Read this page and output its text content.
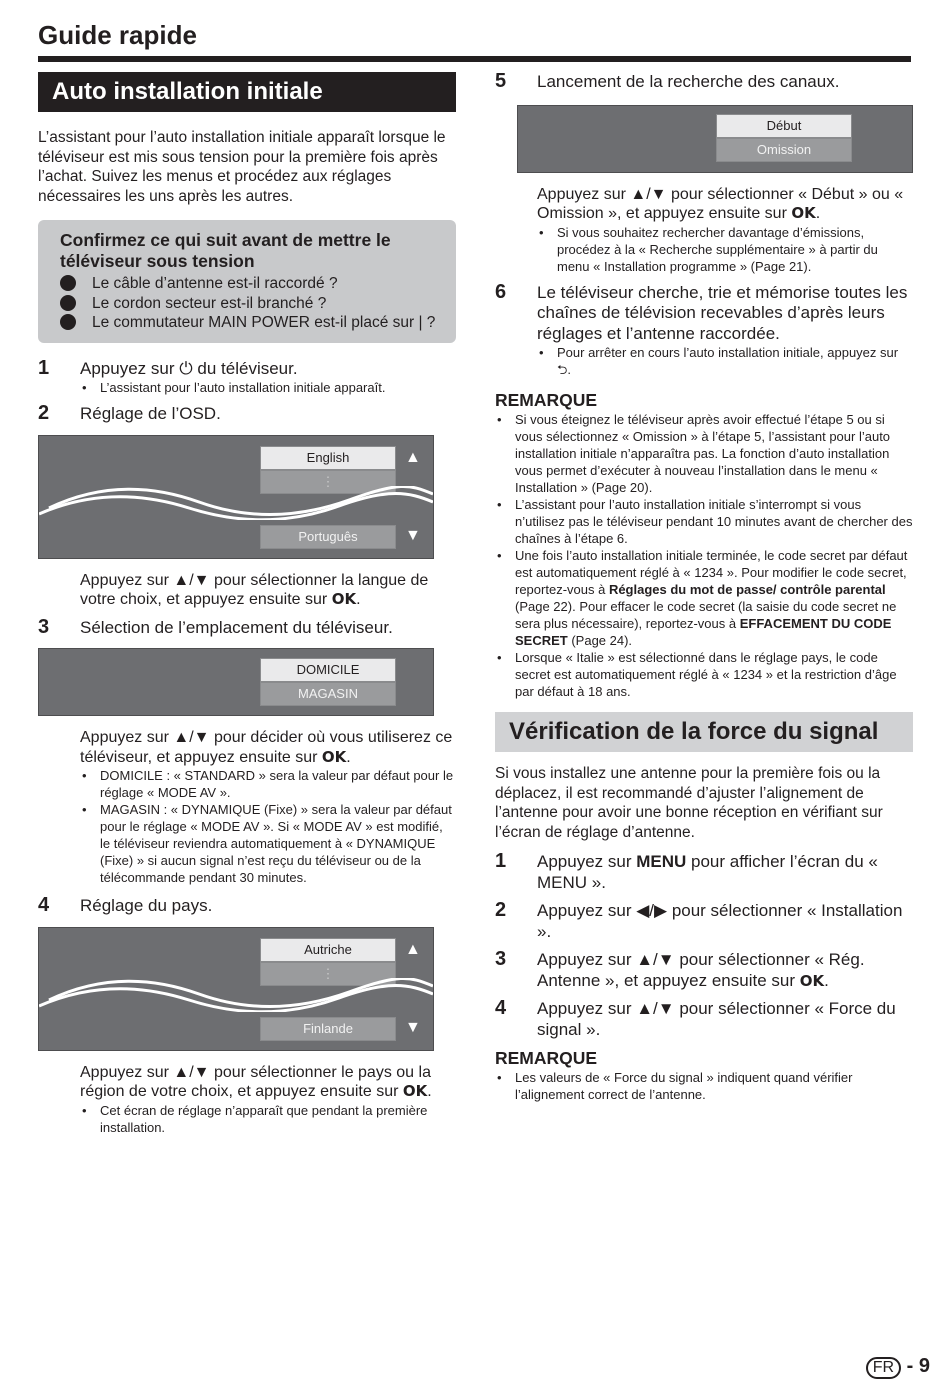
Guide rapide
Auto installation initiale

L’assistant pour l’auto installation initiale apparaît lorsque le téléviseur est mis sous tension pour la première fois après l’achat. Suivez les menus et procédez aux réglages nécessaires les uns après les autres.

Confirmez ce qui suit avant de mettre le téléviseur sous tension
Le câble d’antenne est-il raccordé ?
Le cordon secteur est-il branché ?
Le commutateur MAIN POWER est-il placé sur | ?
1 Appuyez sur ⏻ du téléviseur.
• L’assistant pour l’auto installation initiale apparaît.
2 Réglage de l’OSD.
English
⋮
▲
Português	▼
Appuyez sur ▲/▼ pour sélectionner la langue de votre choix, et appuyez ensuite sur OK.
3 Sélection de l’emplacement du téléviseur.
DOMICILE
MAGASIN
Appuyez sur ▲/▼ pour décider où vous utiliserez ce téléviseur, et appuyez ensuite sur OK.
• DOMICILE : « STANDARD » sera la valeur par défaut pour le réglage « MODE AV ».
• MAGASIN : « DYNAMIQUE (Fixe) » sera la valeur par défaut pour le réglage « MODE AV ». Si « MODE AV » est modifié, le téléviseur reviendra automatiquement à « DYNAMIQUE (Fixe) » si aucun signal n’est reçu du téléviseur ou de la télécommande pendant 30 minutes.
4 Réglage du pays.
Autriche
⋮
▲
Finlande	▼
Appuyez sur ▲/▼ pour sélectionner le pays ou la région de votre choix, et appuyez ensuite sur OK.
• Cet écran de réglage n’apparaît que pendant la première installation.
5 Lancement de la recherche des canaux.
Début
Omission
Appuyez sur ▲/▼ pour sélectionner « Début » ou « Omission », et appuyez ensuite sur OK.
• Si vous souhaitez rechercher davantage d’émissions, procédez à la « Recherche supplémentaire » à partir du menu « Installation programme » (Page 21).
6 Le téléviseur cherche, trie et mémorise toutes les chaînes de télévision recevables d’après leurs réglages et l’antenne raccordée.
• Pour arrêter en cours l’auto installation initiale, appuyez sur ⮌.
REMARQUE
• Si vous éteignez le téléviseur après avoir effectué l’étape 5 ou si vous sélectionnez « Omission » à l’étape 5, l’assistant pour l’auto installation initiale n’apparaîtra pas. La fonction d’auto installation vous permet d’exécuter à nouveau l’installation dans le menu « Installation » (Page 20).
• L’assistant pour l’auto installation initiale s’interrompt si vous n’utilisez pas le téléviseur pendant 10 minutes avant de chercher des chaînes à l’étape 6.
• Une fois l’auto installation initiale terminée, le code secret par défaut est automatiquement réglé à « 1234 ». Pour modifier le code secret, reportez-vous à Réglages du mot de passe/ contrôle parental (Page 22). Pour effacer le code secret (la saisie du code secret ne sera plus nécessaire), reportez-vous à EFFACEMENT DU CODE SECRET (Page 24).
• Lorsque « Italie » est sélectionné dans le réglage pays, le code secret est automatiquement réglé à « 1234 » et la restriction d’âge par défaut à 18 ans.
Vérification de la force du signal

Si vous installez une antenne pour la première fois ou la déplacez, il est recommandé d’ajuster l’alignement de l’antenne pour avoir une bonne réception en vérifiant sur l’écran de réglage d’antenne.

1 Appuyez sur MENU pour afficher l’écran du « MENU ».
2 Appuyez sur ◀/▶ pour sélectionner « Installation ».
3 Appuyez sur ▲/▼ pour sélectionner « Rég. Antenne », et appuyez ensuite sur OK.
4 Appuyez sur ▲/▼ pour sélectionner « Force du signal ».
REMARQUE
• Les valeurs de « Force du signal » indiquent quand vérifier l’alignement correct de l’antenne.
FR - 9
